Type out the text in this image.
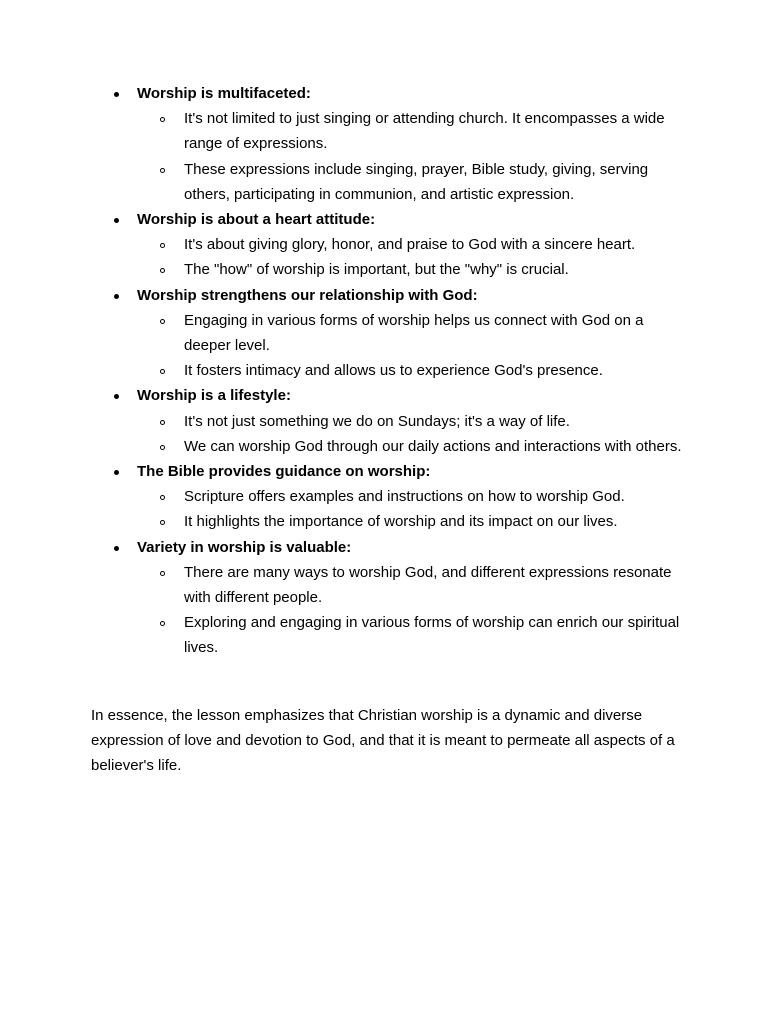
Worship is multifaceted:
It's not limited to just singing or attending church. It encompasses a wide range of expressions.
These expressions include singing, prayer, Bible study, giving, serving others, participating in communion, and artistic expression.
Worship is about a heart attitude:
It's about giving glory, honor, and praise to God with a sincere heart.
The "how" of worship is important, but the "why" is crucial.
Worship strengthens our relationship with God:
Engaging in various forms of worship helps us connect with God on a deeper level.
It fosters intimacy and allows us to experience God's presence.
Worship is a lifestyle:
It's not just something we do on Sundays; it's a way of life.
We can worship God through our daily actions and interactions with others.
The Bible provides guidance on worship:
Scripture offers examples and instructions on how to worship God.
It highlights the importance of worship and its impact on our lives.
Variety in worship is valuable:
There are many ways to worship God, and different expressions resonate with different people.
Exploring and engaging in various forms of worship can enrich our spiritual lives.

In essence, the lesson emphasizes that Christian worship is a dynamic and diverse expression of love and devotion to God, and that it is meant to permeate all aspects of a believer's life.
